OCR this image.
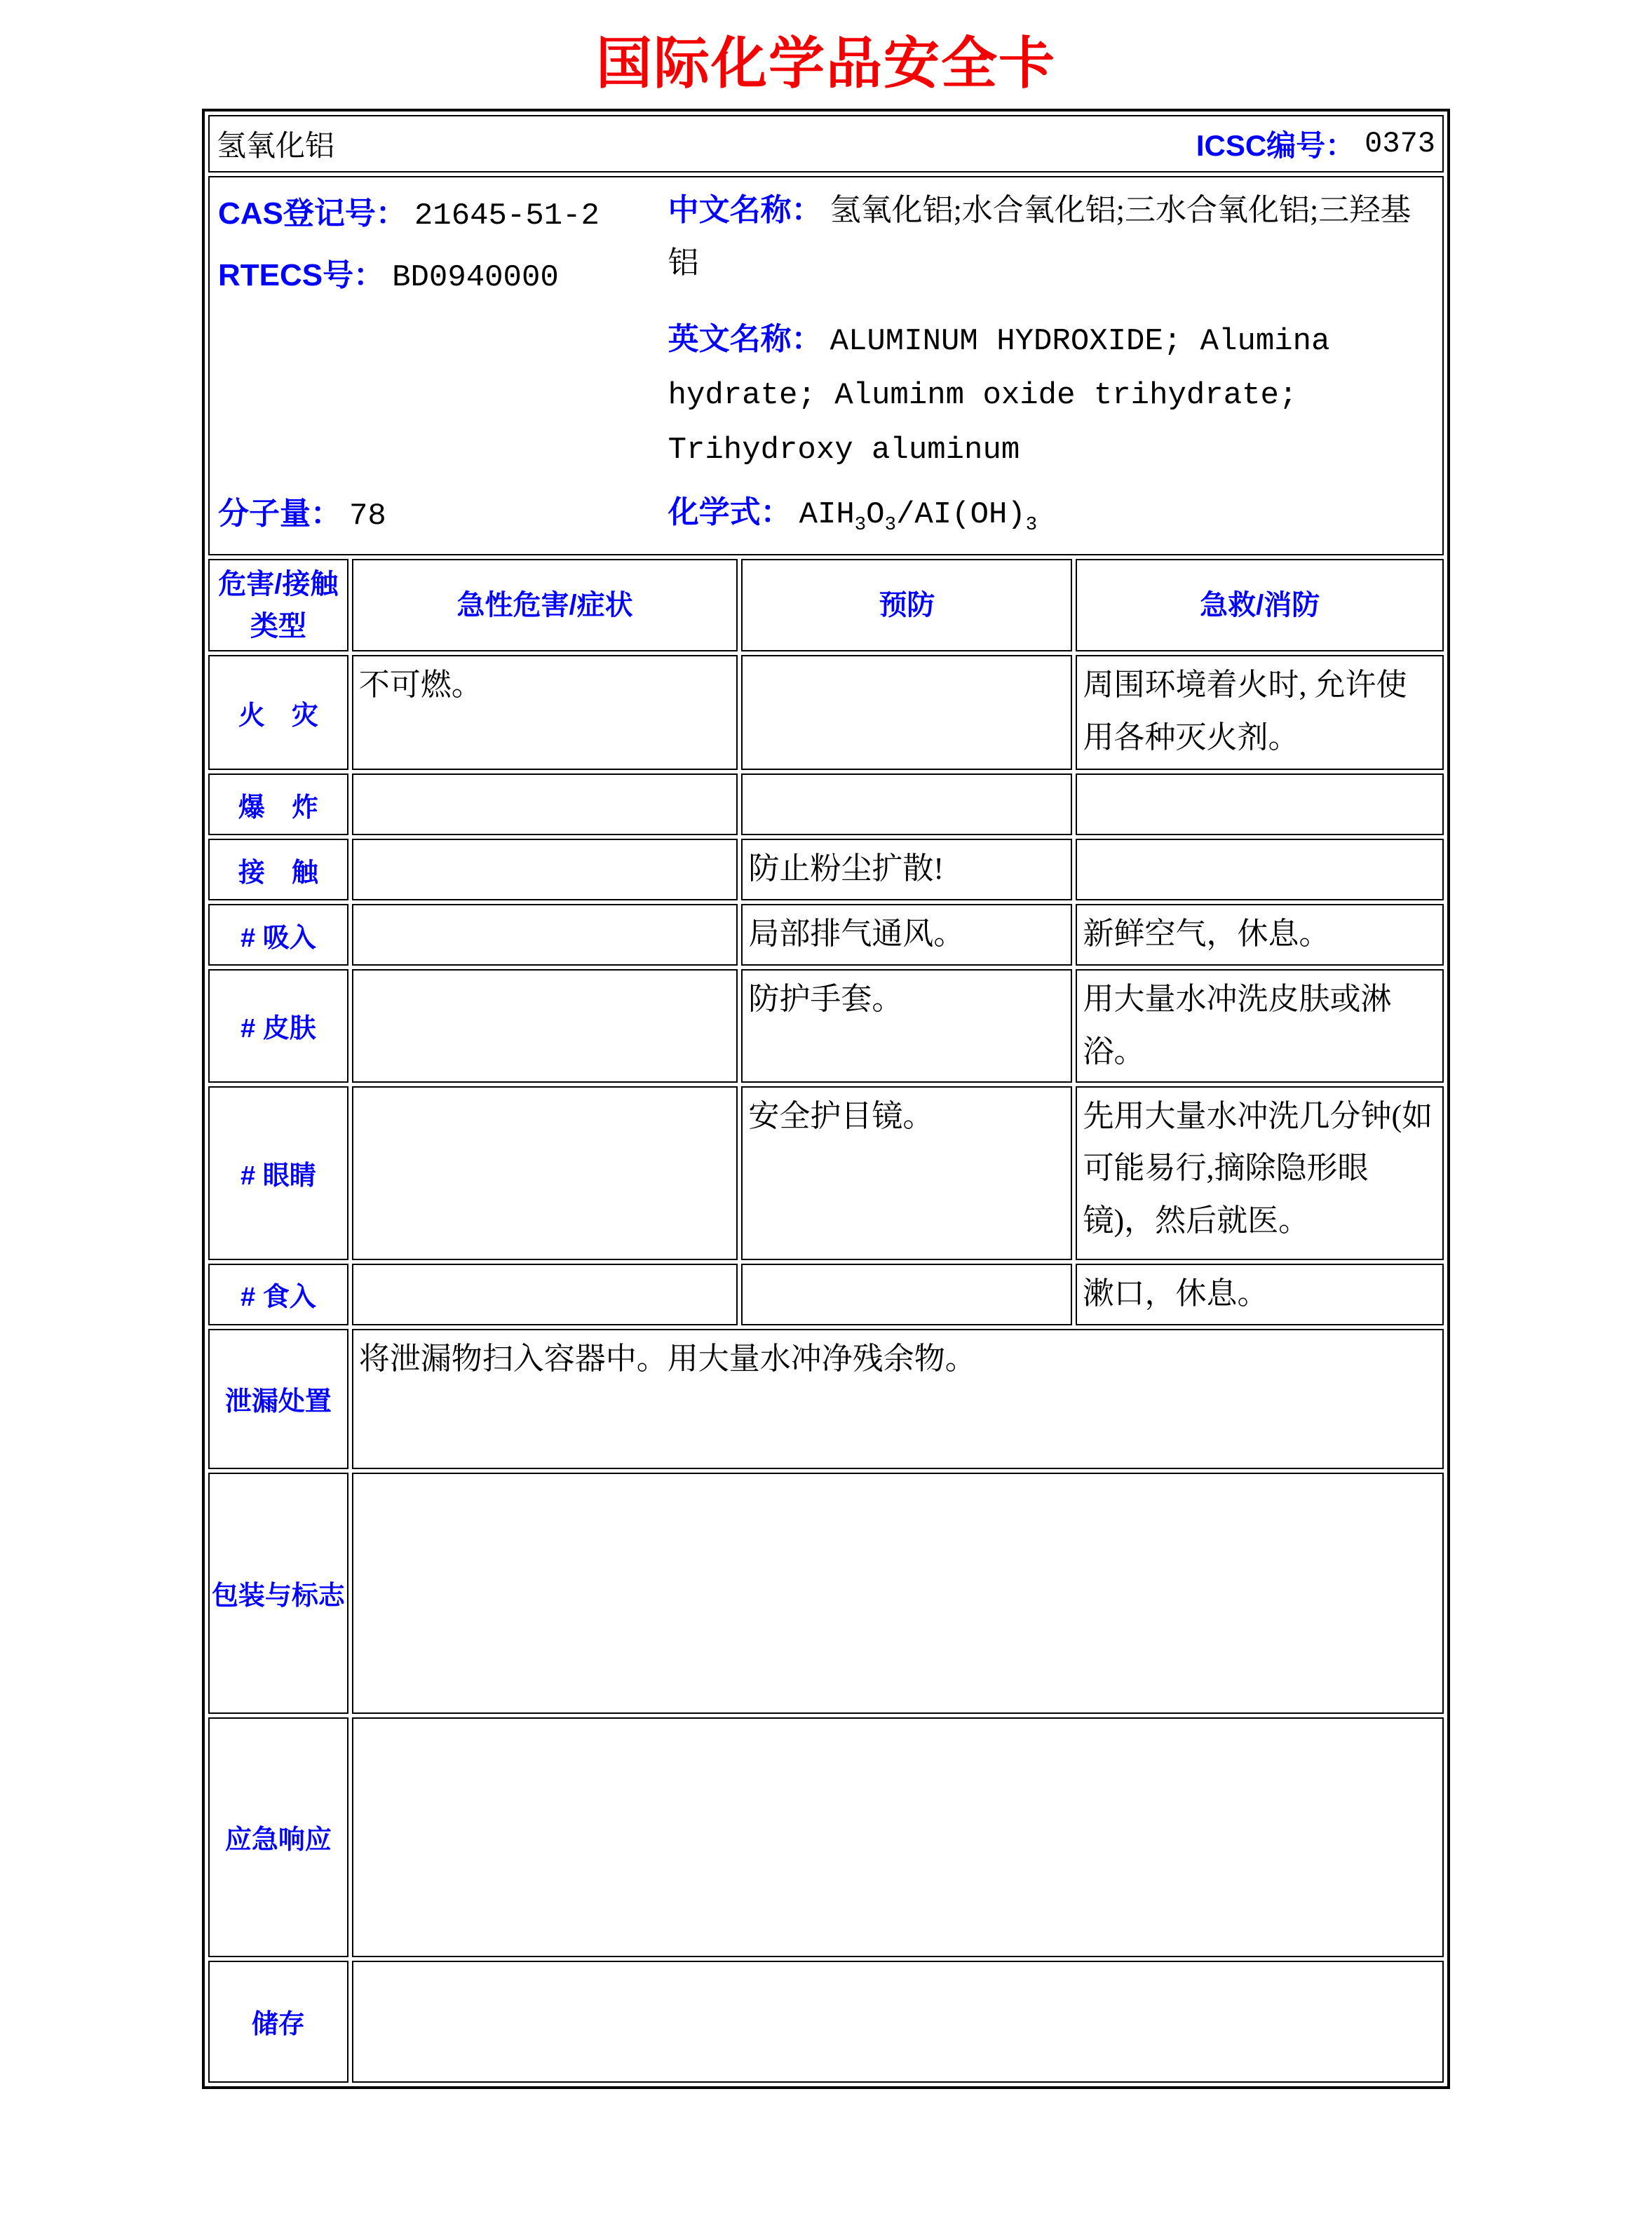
国际化学品安全卡
氢氧化铝 ICSC编号： 0373			

CAS登记号： 21645-51-2
RTECS号： BD0940000
分子量： 78
中文名称： 氢氧化铝;水合氧化铝;三水合氧化铝;三羟基铝
英文名称： ALUMINUM HYDROXIDE; Alumina hydrate; Aluminm oxide trihydrate; Trihydroxy aluminum
化学式： $AIH_3O_3/AI(OH)_3$

危害/接触
类型	急性危害/症状	预防	急救/消防
火　灾	不可燃。		周围环境着火时, 允许使用各种灭火剂。
爆　炸			
接　触		防止粉尘扩散!	
# 吸入		局部排气通风。	新鲜空气，休息。
# 皮肤		防护手套。	用大量水冲洗皮肤或淋浴。
# 眼睛		安全护目镜。	先用大量水冲洗几分钟(如可能易行,摘除隐形眼镜)，然后就医。
# 食入			漱口，休息。
泄漏处置	将泄漏物扫入容器中。用大量水冲净残余物。		
包装与标志			
应急响应			
储存			
